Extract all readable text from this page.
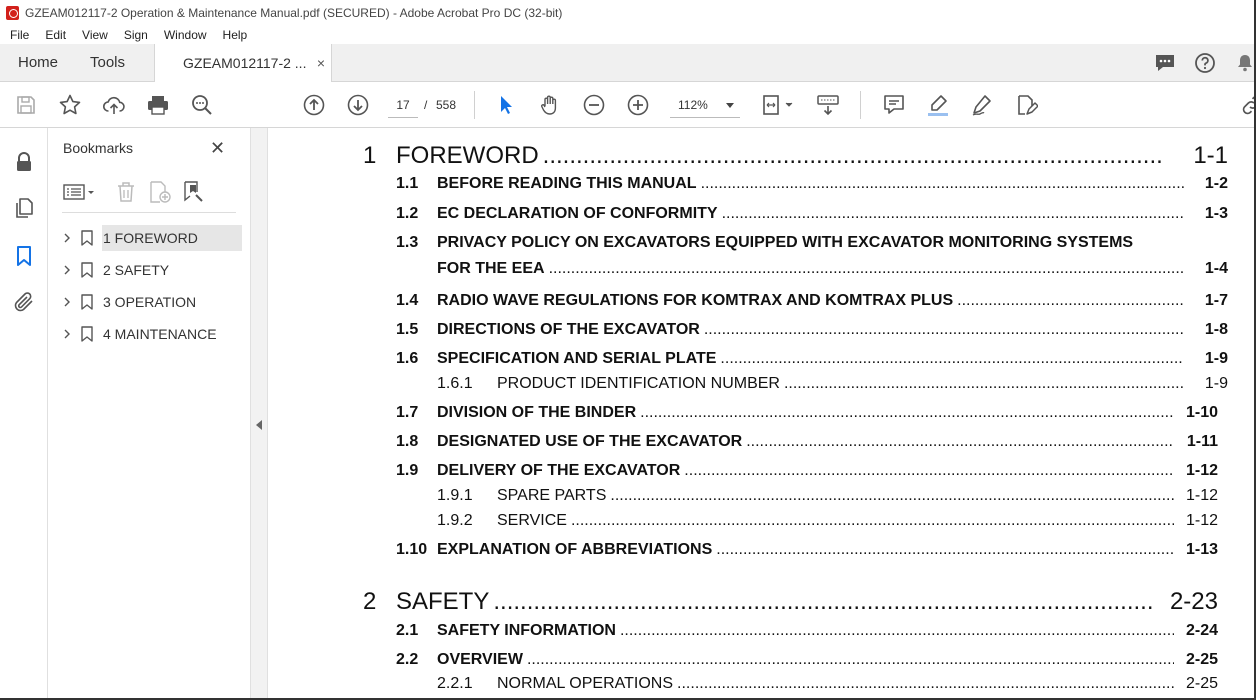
GZEAM012117-2 Operation & Maintenance Manual.pdf (SECURED) - Adobe Acrobat Pro DC (32-bit)
File Edit View Sign Window Help
Home Tools	GZEAM012117-2 ... ×
17	/ 558	112%
Bookmarks	✕
1 FOREWORD
2 SAFETY
3 OPERATION
4 MAINTENANCE
1 FOREWORD .....	1-1
1.1 BEFORE READING THIS MANUAL .....	1-2
1.2 EC DECLARATION OF CONFORMITY .....	1-3
1.3 PRIVACY POLICY ON EXCAVATORS EQUIPPED WITH EXCAVATOR MONITORING SYSTEMS
FOR THE EEA .....	1-4
1.4 RADIO WAVE REGULATIONS FOR KOMTRAX AND KOMTRAX PLUS .....	1-7
1.5 DIRECTIONS OF THE EXCAVATOR .....	1-8
1.6 SPECIFICATION AND SERIAL PLATE .....	1-9
1.6.1 PRODUCT IDENTIFICATION NUMBER .....	1-9
1.7 DIVISION OF THE BINDER .....	1-10
1.8 DESIGNATED USE OF THE EXCAVATOR .....	1-11
1.9 DELIVERY OF THE EXCAVATOR .....	1-12
1.9.1 SPARE PARTS .....	1-12
1.9.2 SERVICE .....	1-12
1.10 EXPLANATION OF ABBREVIATIONS .....	1-13
2 SAFETY .....	2-23
2.1 SAFETY INFORMATION .....	2-24
2.2 OVERVIEW .....	2-25
2.2.1 NORMAL OPERATIONS .....	2-25
